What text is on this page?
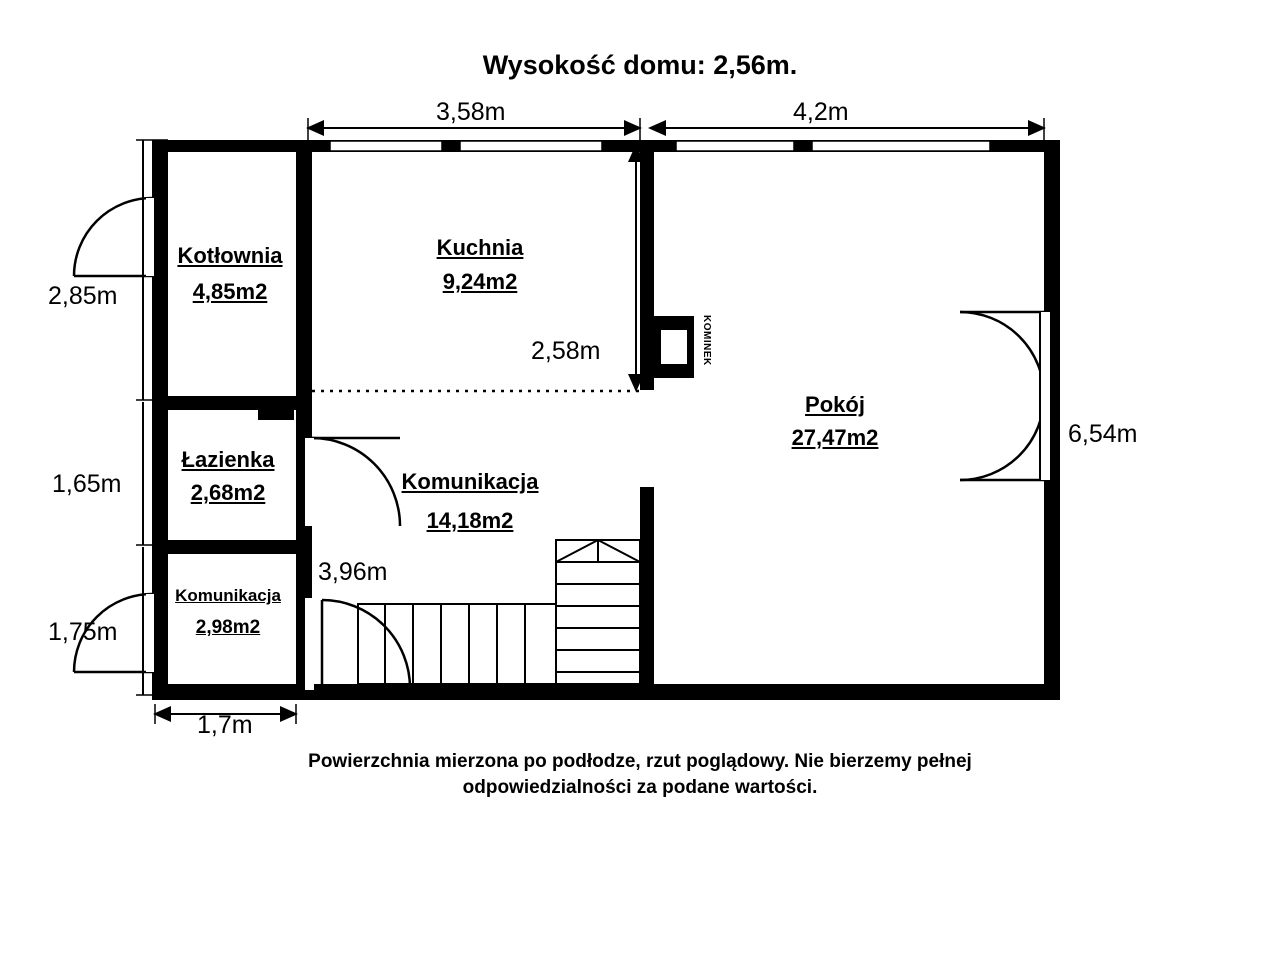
Wysokość domu: 2,56m.
3,58m	4,2m
2,85m
1,65m
1,75m
2,58m
6,54m
1,7m
3,96m
Kotłownia
4,85m2
Kuchnia
9,24m2
Łazienka
2,68m2	Komunikacja
14,18m2
Komunikacja
2,98m2
Pokój
27,47m2
KOMINEK
Powierzchnia mierzona po podłodze, rzut poglądowy. Nie bierzemy pełnej
odpowiedzialności za podane wartości.
